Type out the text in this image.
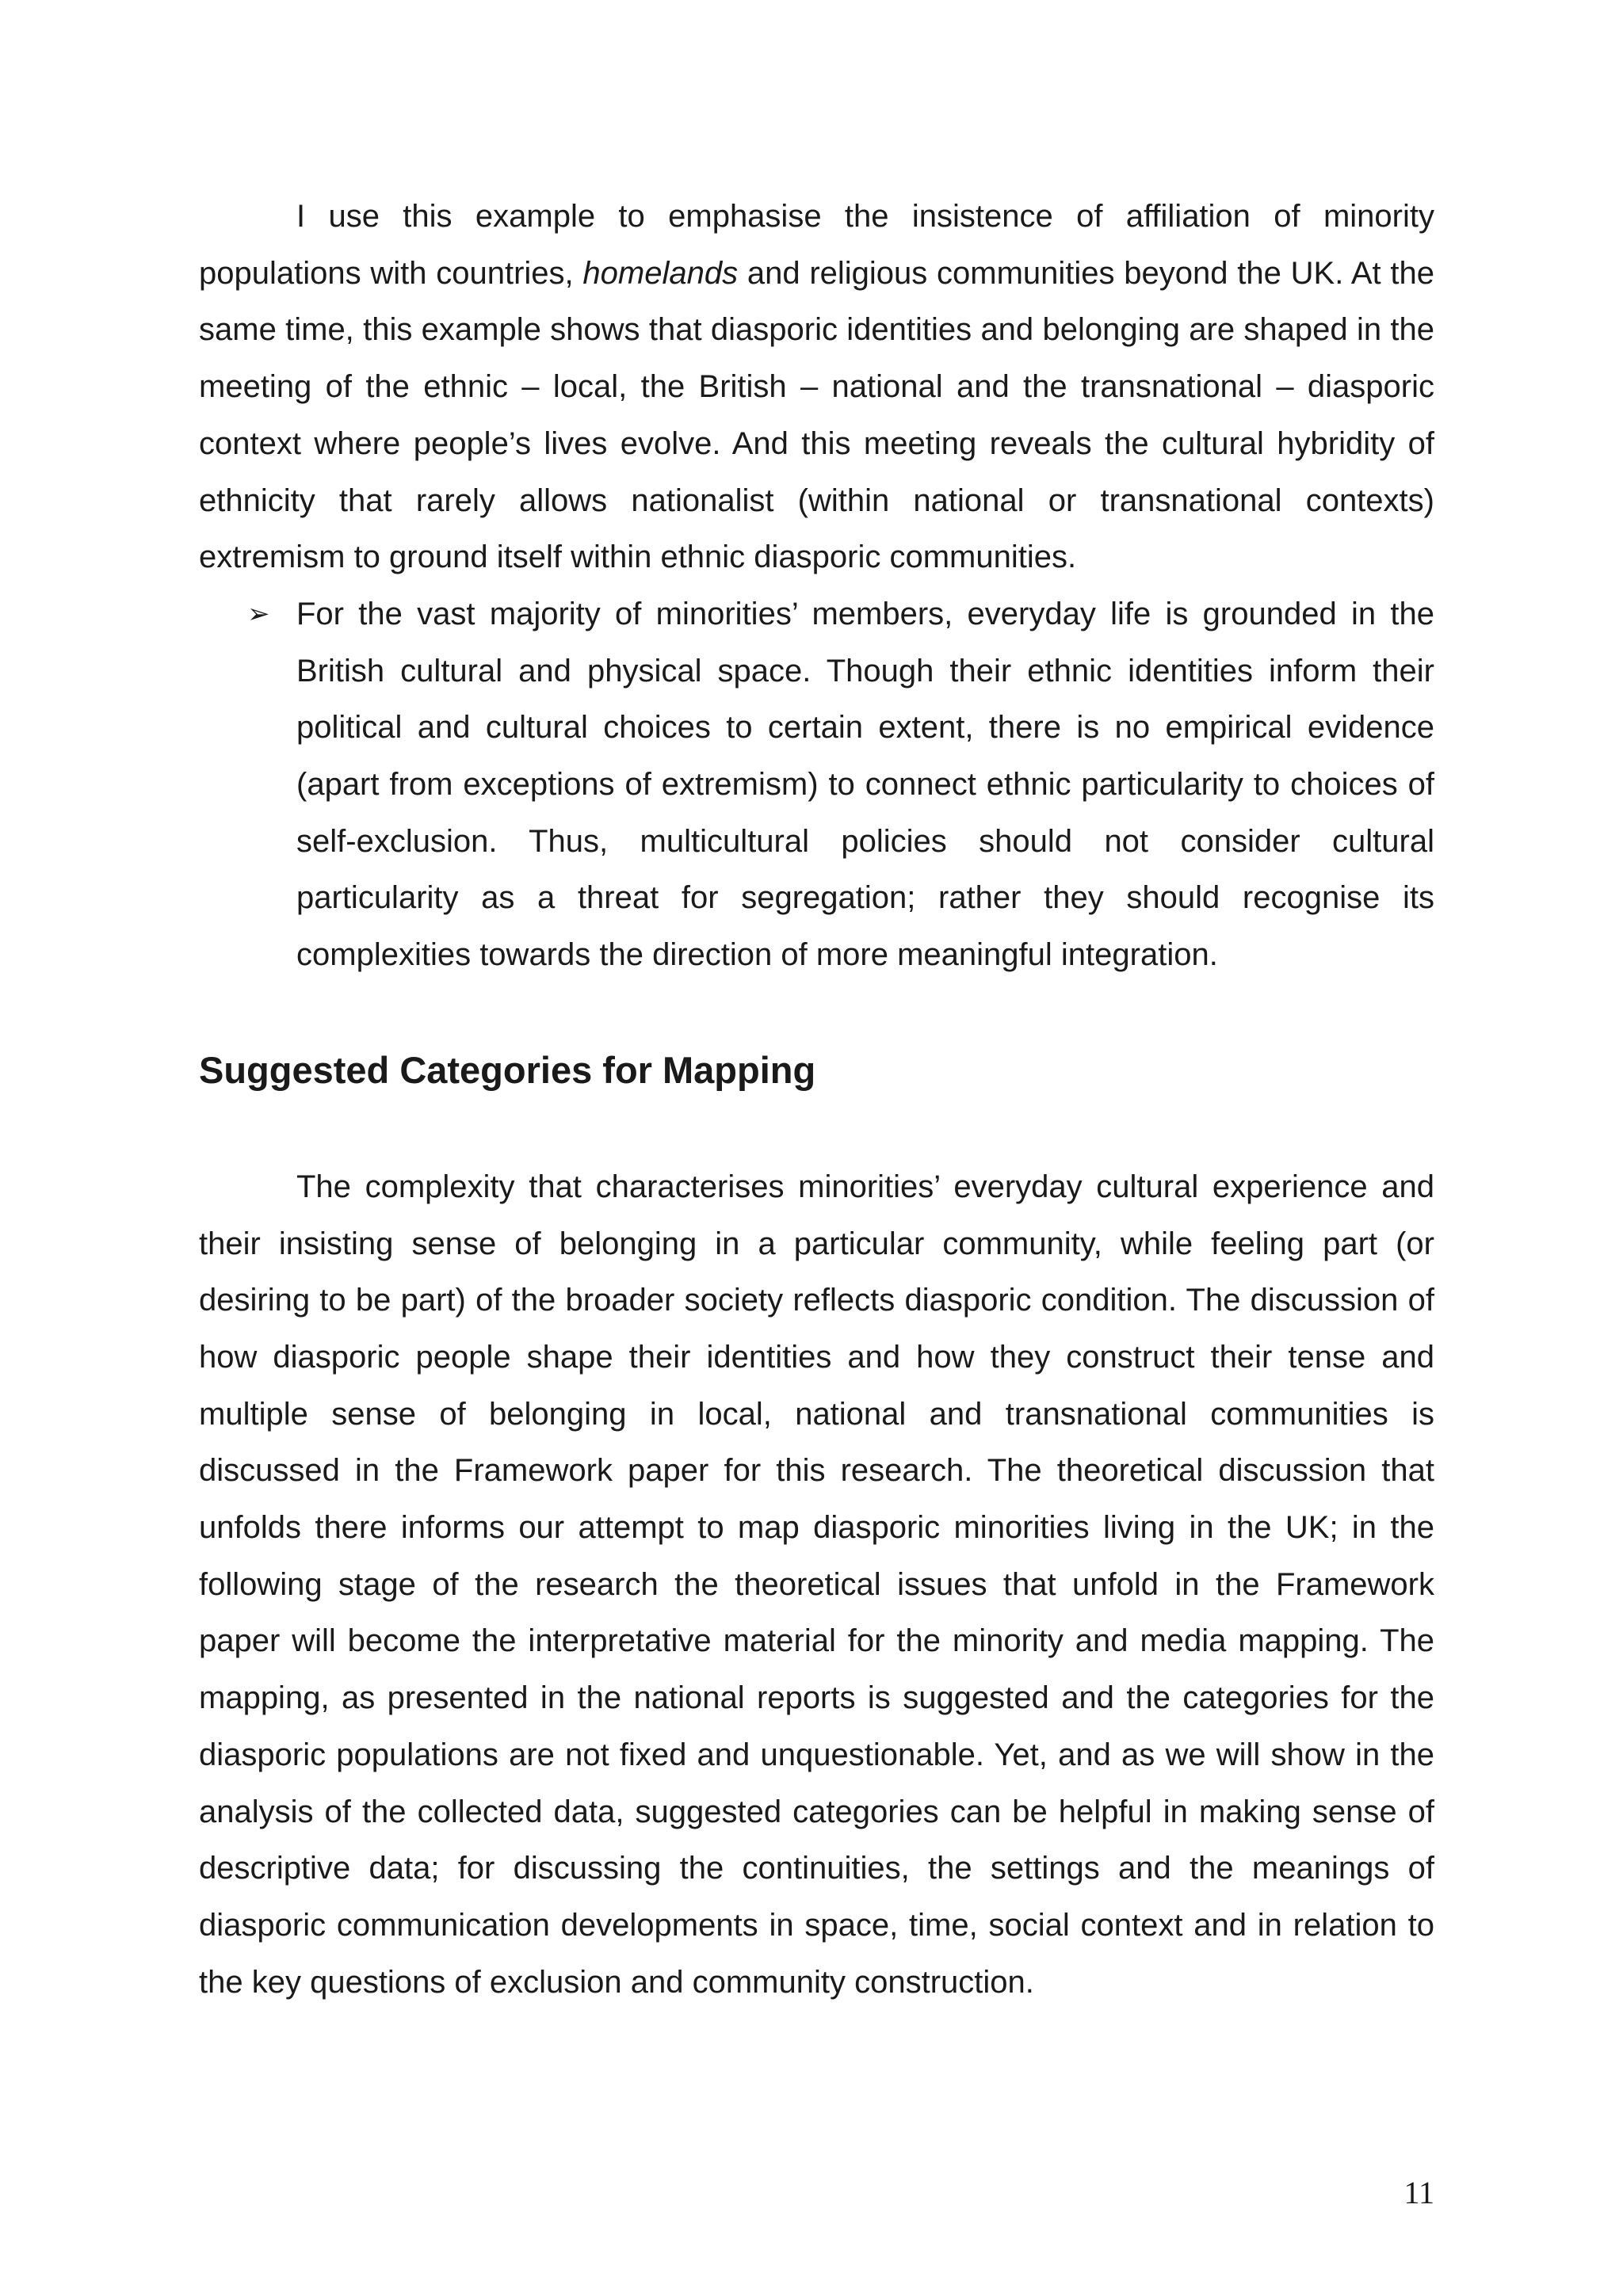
I use this example to emphasise the insistence of affiliation of minority populations with countries, homelands and religious communities beyond the UK. At the same time, this example shows that diasporic identities and belonging are shaped in the meeting of the ethnic – local, the British – national and the transnational – diasporic context where people’s lives evolve. And this meeting reveals the cultural hybridity of ethnicity that rarely allows nationalist (within national or transnational contexts) extremism to ground itself within ethnic diasporic communities.

➢ For the vast majority of minorities’ members, everyday life is grounded in the British cultural and physical space. Though their ethnic identities inform their political and cultural choices to certain extent, there is no empirical evidence (apart from exceptions of extremism) to connect ethnic particularity to choices of self-exclusion. Thus, multicultural policies should not consider cultural particularity as a threat for segregation; rather they should recognise its complexities towards the direction of more meaningful integration.
Suggested Categories for Mapping

The complexity that characterises minorities’ everyday cultural experience and their insisting sense of belonging in a particular community, while feeling part (or desiring to be part) of the broader society reflects diasporic condition. The discussion of how diasporic people shape their identities and how they construct their tense and multiple sense of belonging in local, national and transnational communities is discussed in the Framework paper for this research. The theoretical discussion that unfolds there informs our attempt to map diasporic minorities living in the UK; in the following stage of the research the theoretical issues that unfold in the Framework paper will become the interpretative material for the minority and media mapping. The mapping, as presented in the national reports is suggested and the categories for the diasporic populations are not fixed and unquestionable. Yet, and as we will show in the analysis of the collected data, suggested categories can be helpful in making sense of descriptive data; for discussing the continuities, the settings and the meanings of diasporic communication developments in space, time, social context and in relation to the key questions of exclusion and community construction.

11
